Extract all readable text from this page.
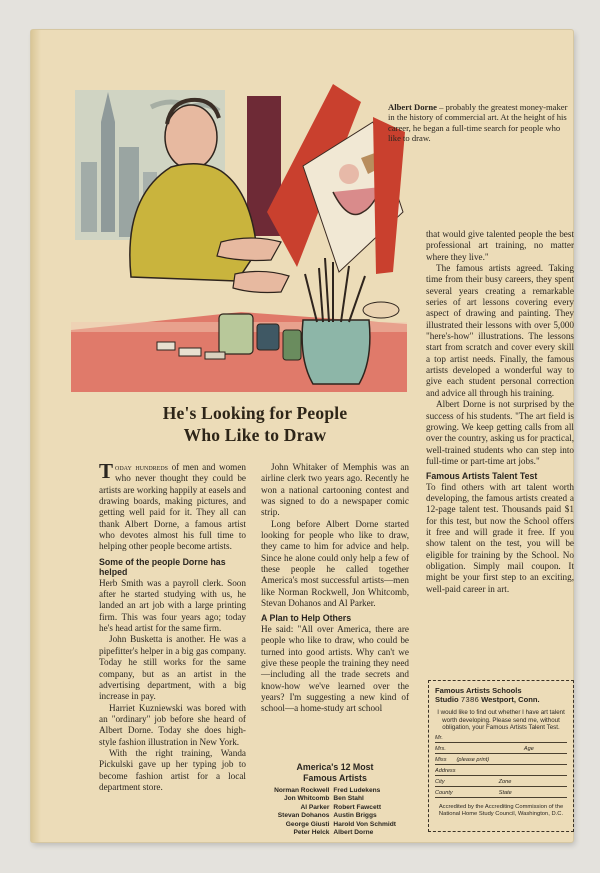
Albert Dorne – probably the greatest money-maker in the history of commercial art. At the height of his career, he began a full-time search for people who like to draw.
He's Looking for People
Who Like to Draw

Today hundreds of men and women who never thought they could be artists are working happily at easels and drawing boards, making pictures, and getting well paid for it. They all can thank Albert Dorne, a famous artist who devotes almost his full time to helping other people become artists.

Some of the people Dorne has helped

Herb Smith was a payroll clerk. Soon after he started studying with us, he landed an art job with a large printing firm. This was four years ago; today he's head artist for the same firm.

John Busketta is another. He was a pipefitter's helper in a big gas company. Today he still works for the same company, but as an artist in the advertising department, with a big increase in pay.

Harriet Kuzniewski was bored with an "ordinary" job before she heard of Albert Dorne. Today she does high-style fashion illustration in New York.

With the right training, Wanda Pickulski gave up her typing job to become fashion artist for a local department store.

John Whitaker of Memphis was an airline clerk two years ago. Recently he won a national cartooning contest and was signed to do a newspaper comic strip.

Long before Albert Dorne started looking for people who like to draw, they came to him for advice and help. Since he alone could only help a few of these people he called together America's most successful artists—men like Norman Rockwell, Jon Whitcomb, Stevan Dohanos and Al Parker.

A Plan to Help Others

He said: "All over America, there are people who like to draw, who could be turned into good artists. Why can't we give these people the training they need—including all the trade secrets and know-how we've learned over the years? I'm suggesting a new kind of school—a home-study art school

America's 12 Most
Famous Artists
Norman Rockwell	Fred Ludekens
Jon Whitcomb	Ben Stahl
Al Parker	Robert Fawcett
Stevan Dohanos	Austin Briggs
George Giusti	Harold Von Schmidt
Peter Helck	Albert Dorne

that would give talented people the best professional art training, no matter where they live."

The famous artists agreed. Taking time from their busy careers, they spent several years creating a remarkable series of art lessons covering every aspect of drawing and painting. They illustrated their lessons with over 5,000 "here's-how" illustrations. The lessons start from scratch and cover every skill a top artist needs. Finally, the famous artists developed a wonderful way to give each student personal correction and advice all through his training.

Albert Dorne is not surprised by the success of his students. "The art field is growing. We keep getting calls from all over the country, asking us for practical, well-trained students who can step into full-time or part-time art jobs."

Famous Artists Talent Test

To find others with art talent worth developing, the famous artists created a 12-page talent test. Thousands paid $1 for this test, but now the School offers it free and will grade it free. If you show talent on the test, you will be eligible for training by the School. No obligation. Simply mail coupon. It might be your first step to an exciting, well-paid career in art.

Famous Artists Schools
Studio 7386 Westport, Conn.
I would like to find out whether I have art talent worth developing. Please send me, without obligation, your Famous Artists Talent Test.
Mr.
Mrs.	Age
Miss (please print)
Address
City	Zone
County	State
Accredited by the Accrediting Commission of the National Home Study Council, Washington, D.C.
